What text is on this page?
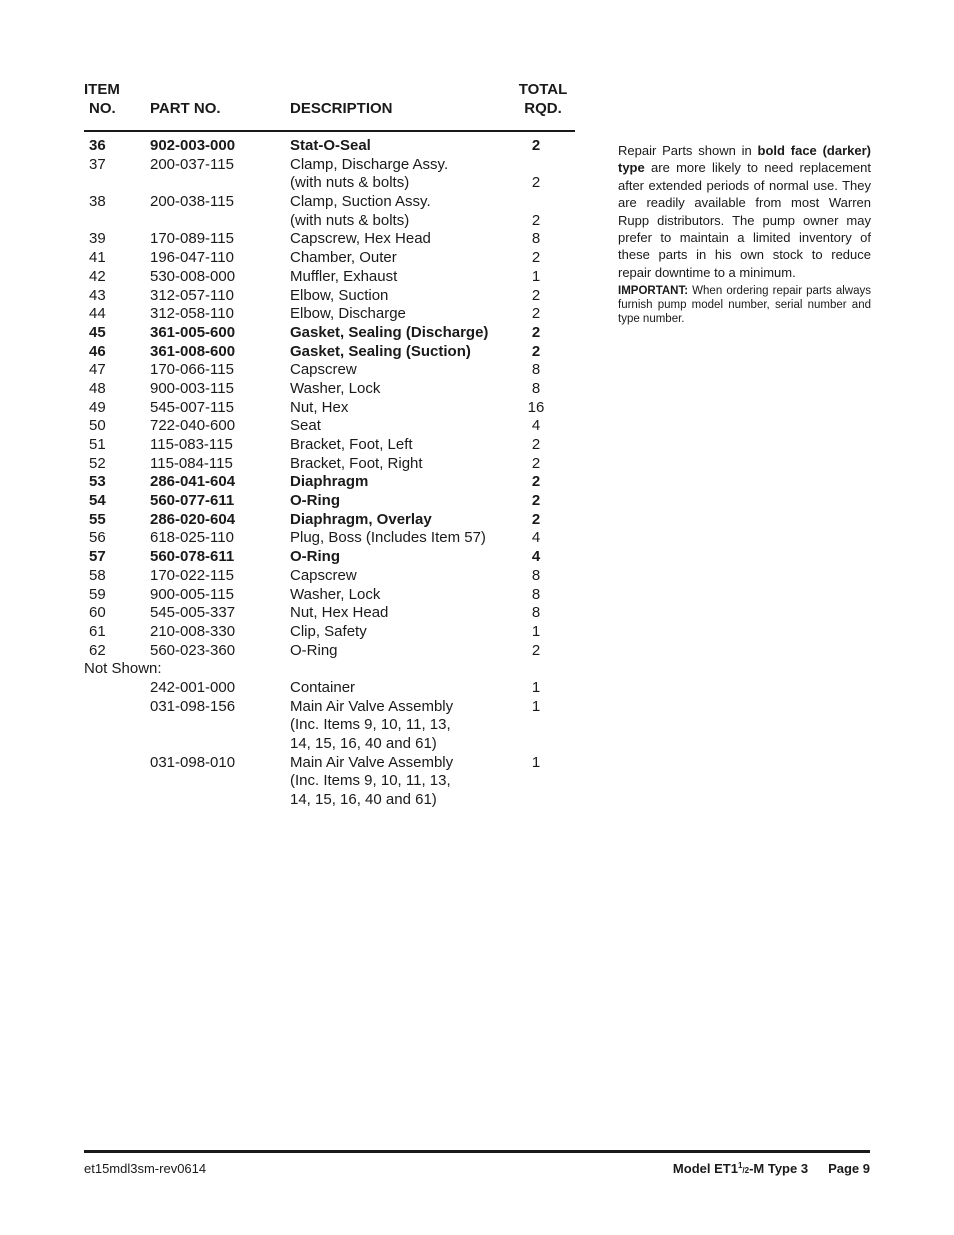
ITEM
NO. PART NO.	DESCRIPTION
TOTAL
RQD.
36	902-003-000	Stat-O-Seal	2
37	200-037-115	Clamp, Discharge Assy.
(with nuts & bolts)	2
38	200-038-115	Clamp, Suction Assy.
(with nuts & bolts)	2
39	170-089-115	Capscrew, Hex Head	8
41	196-047-110	Chamber, Outer	2
42	530-008-000	Muffler, Exhaust	1
43	312-057-110	Elbow, Suction	2
44	312-058-110	Elbow, Discharge	2
45	361-005-600	Gasket, Sealing (Discharge)	2
46	361-008-600	Gasket, Sealing (Suction)	2
47	170-066-115	Capscrew	8
48	900-003-115	Washer, Lock	8
49	545-007-115	Nut, Hex	16
50	722-040-600	Seat	4
51	115-083-115	Bracket, Foot, Left	2
52	115-084-115	Bracket, Foot, Right	2
53	286-041-604	Diaphragm	2
54	560-077-611	O-Ring	2
55	286-020-604	Diaphragm, Overlay	2
56	618-025-110	Plug, Boss (Includes Item 57)	4
57	560-078-611	O-Ring	4
58	170-022-115	Capscrew	8
59	900-005-115	Washer, Lock	8
60	545-005-337	Nut, Hex Head	8
61	210-008-330	Clip, Safety	1
62	560-023-360	O-Ring	2
Not Shown:
242-001-000	Container	1
031-098-156	Main Air Valve Assembly	1
(Inc. Items 9, 10, 11, 13,
14, 15, 16, 40 and 61)
031-098-010	Main Air Valve Assembly	1
(Inc. Items 9, 10, 11, 13,
14, 15, 16, 40 and 61)

Repair Parts shown in bold face (darker) type are more likely to need replacement after extended periods of normal use. They are readily available from most Warren Rupp distributors. The pump owner may prefer to maintain a limited inventory of these parts in his own stock to reduce repair downtime to a minimum.

IMPORTANT: When ordering repair parts always furnish pump model number, serial number and type number.

et15mdl3sm-rev0614	Model $ET1^1/2-M$ Type 3 Page 9
